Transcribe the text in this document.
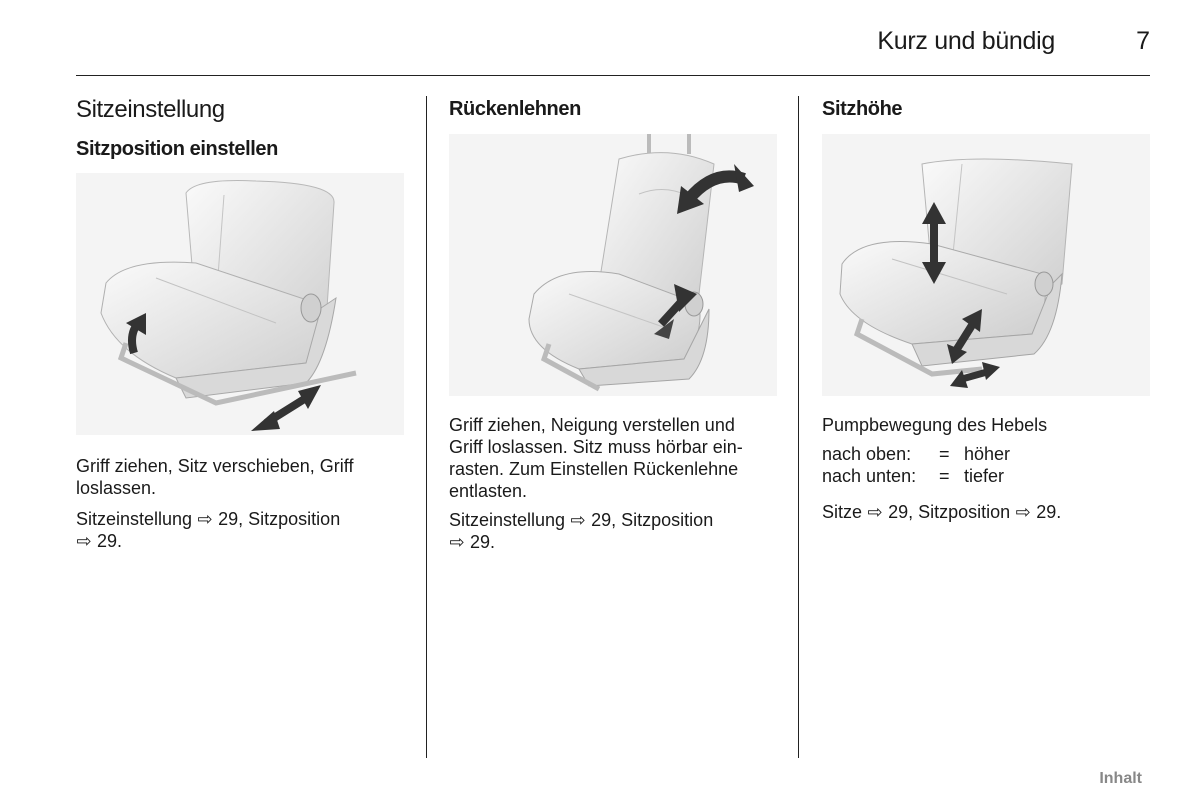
Kurz und bündig	7
Sitzeinstellung
Sitzposition einstellen

Griff ziehen, Sitz verschieben, Griff loslassen.

Sitzeinstellung ⇨ 29, Sitzposition
⇨ 29.

Rückenlehnen

Griff ziehen, Neigung verstellen und
Griff loslassen. Sitz muss hörbar ein-
rasten. Zum Einstellen Rückenlehne
entlasten.

Sitzeinstellung ⇨ 29, Sitzposition
⇨ 29.

Sitzhöhe

Pumpbewegung des Hebels

nach oben:	= höher
nach unten:	= tiefer

Sitze ⇨ 29, Sitzposition ⇨ 29.

Inhalt
